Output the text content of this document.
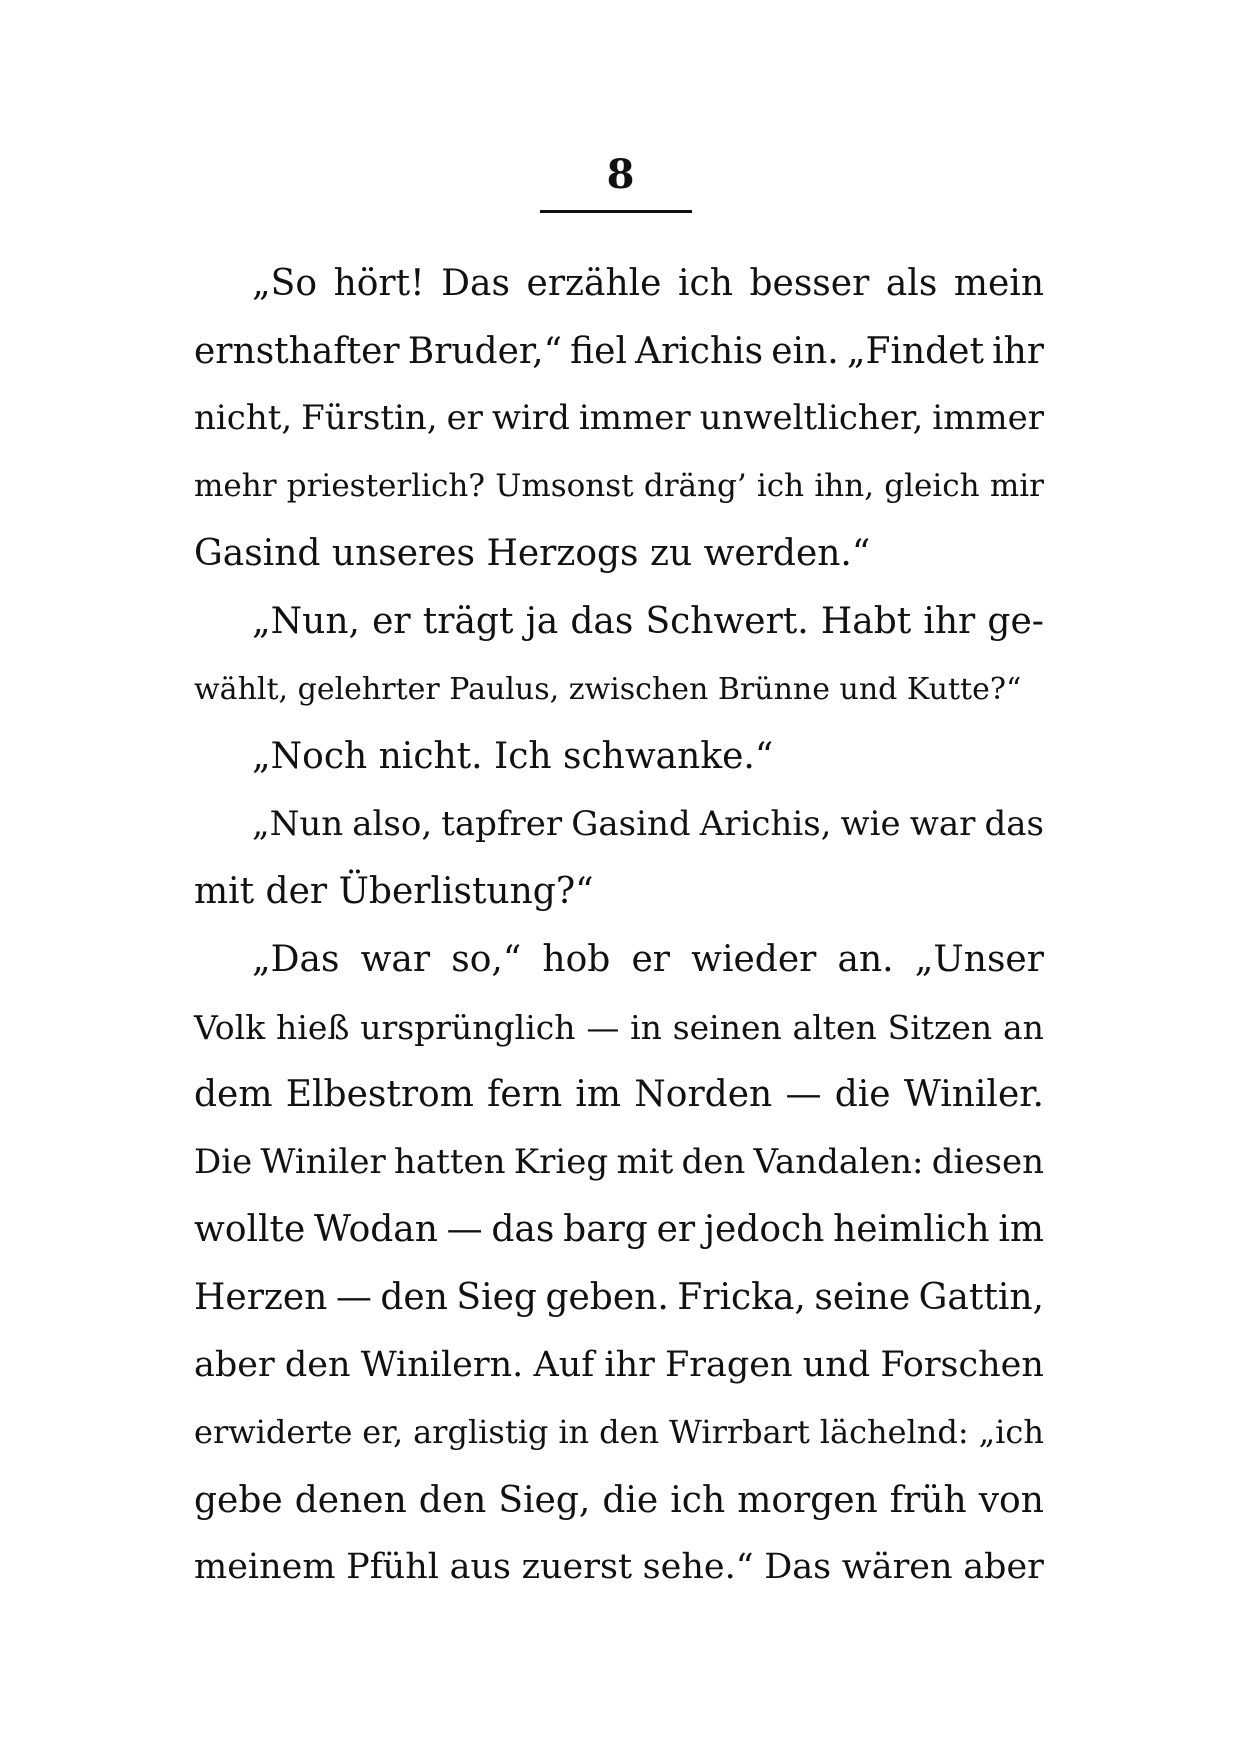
8
„So hört! Das erzähle ich besser als mein
ernsthafter Bruder,“ fiel Arichis ein. „Findet ihr
nicht, Fürstin, er wird immer unweltlicher, immer
mehr priesterlich? Umsonst dräng’ ich ihn, gleich mir
Gasind unseres Herzogs zu werden.“
„Nun, er trägt ja das Schwert. Habt ihr ge-
wählt, gelehrter Paulus, zwischen Brünne und Kutte?“
„Noch nicht. Ich schwanke.“
„Nun also, tapfrer Gasind Arichis, wie war das
mit der Überlistung?“
„Das war so,“ hob er wieder an. „Unser
Volk hieß ursprünglich — in seinen alten Sitzen an
dem Elbestrom fern im Norden — die Winiler.
Die Winiler hatten Krieg mit den Vandalen: diesen
wollte Wodan — das barg er jedoch heimlich im
Herzen — den Sieg geben. Fricka, seine Gattin,
aber den Winilern. Auf ihr Fragen und Forschen
erwiderte er, arglistig in den Wirrbart lächelnd: „ich
gebe denen den Sieg, die ich morgen früh von
meinem Pfühl aus zuerst sehe.“ Das wären aber
